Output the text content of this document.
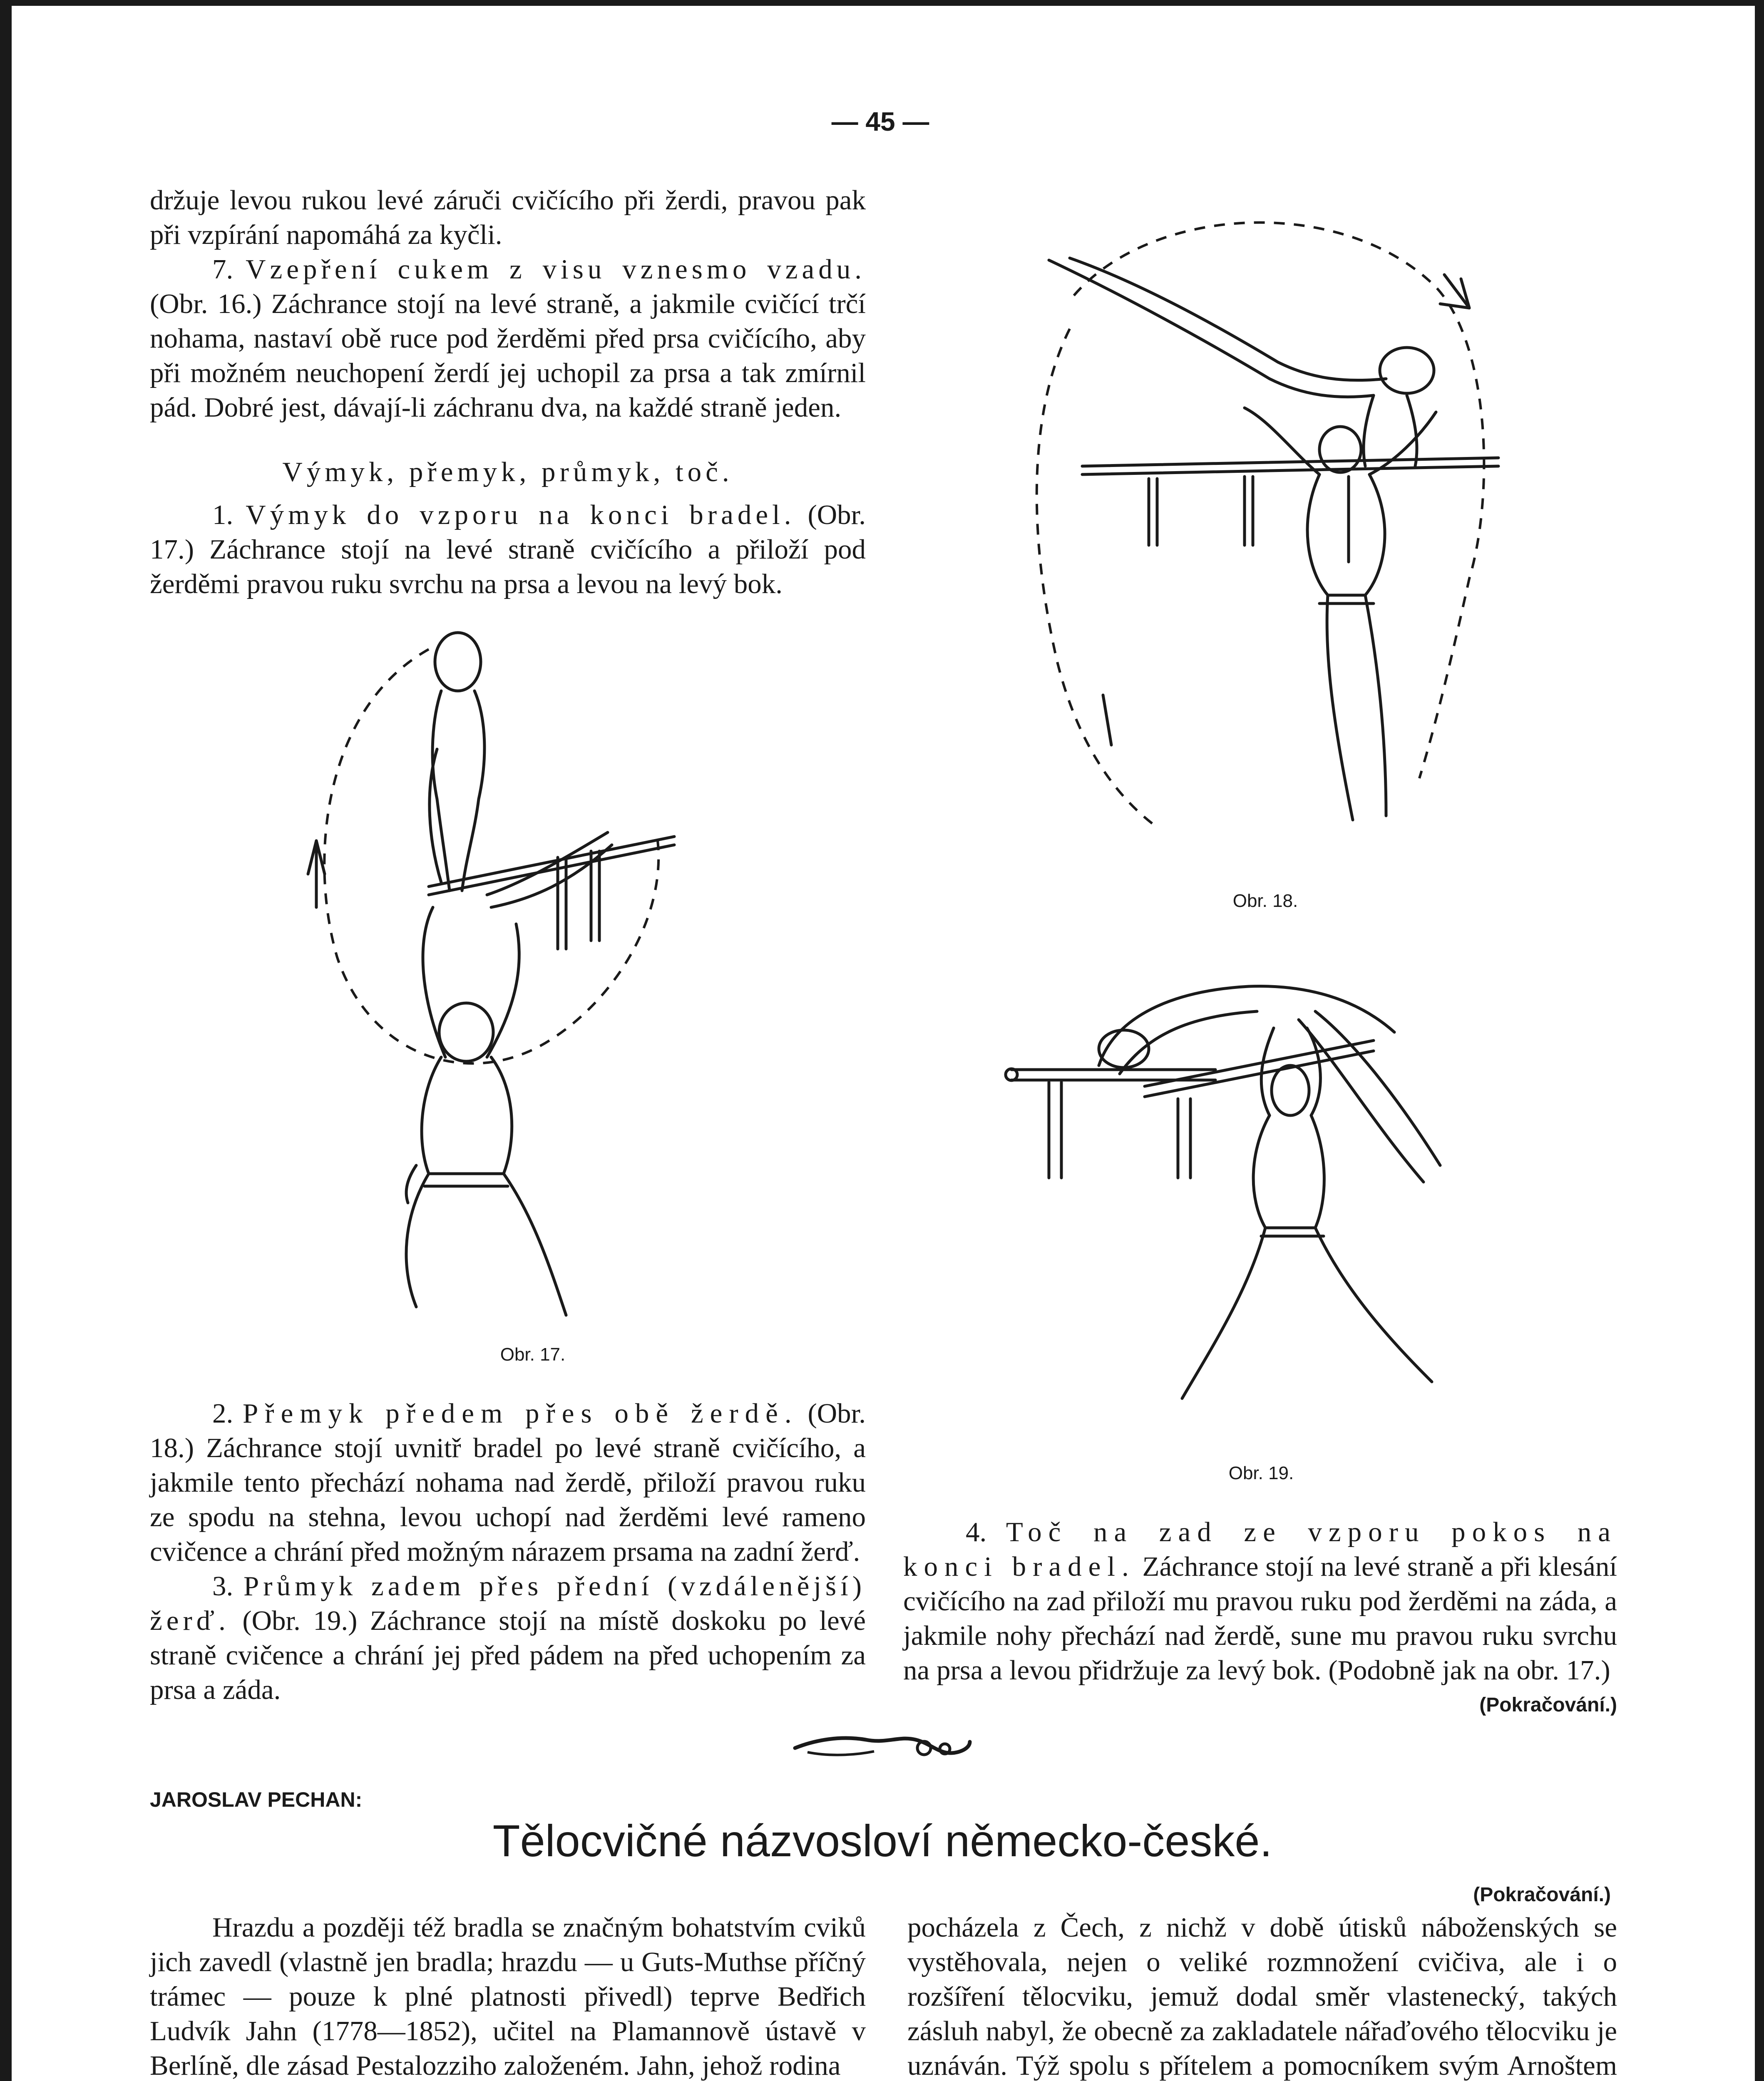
— 45 —

držuje levou rukou levé záruči cvičícího při žerdi, pravou pak při vzpírání napomáhá za kyčli.

7. Vzepření cukem z visu vznesmo vzadu. (Obr. 16.) Záchrance stojí na levé straně, a jakmile cvičící trčí nohama, nastaví obě ruce pod žerděmi před prsa cvičícího, aby při možném neuchopení žerdí jej uchopil za prsa a tak zmírnil pád. Dobré jest, dávají-li záchranu dva, na každé straně jeden.

Výmyk, přemyk, průmyk, toč.

1. Výmyk do vzporu na konci bradel. (Obr. 17.) Záchrance stojí na levé straně cvičícího a přiloží pod žerděmi pravou ruku svrchu na prsa a levou na levý bok.

Obr. 17.

2. Přemyk předem přes obě žerdě. (Obr. 18.) Záchrance stojí uvnitř bradel po levé straně cvičícího, a jakmile tento přechází nohama nad žerdě, přiloží pravou ruku ze spodu na stehna, levou uchopí nad žerděmi levé rameno cvičence a chrání před možným nárazem prsama na zadní žerď.

3. Průmyk zadem přes přední (vzdálenější) žerď. (Obr. 19.) Záchrance stojí na místě doskoku po levé straně cvičence a chrání jej před pádem na před uchopením za prsa a záda.

Obr. 18.
Obr. 19.

4. Toč na zad ze vzporu pokos na konci bradel. Záchrance stojí na levé straně a při klesání cvičícího na zad přiloží mu pravou ruku pod žerděmi na záda, a jakmile nohy přechází nad žerdě, sune mu pravou ruku svrchu na prsa a levou přidržuje za levý bok. (Podobně jak na obr. 17.)

(Pokračování.)

JAROSLAV PECHAN:
Tělocvičné názvosloví německo-české.
(Pokračování.)

Hrazdu a později též bradla se značným bohatstvím cviků jich zavedl (vlastně jen bradla; hrazdu — u Guts-Muthse příčný trámec — pouze k plné platnosti přivedl) teprve Bedřich Ludvík Jahn (1778—1852), učitel na Plamannově ústavě v Berlíně, dle zásad Pestalozziho založeném. Jahn, jehož rodina

pocházela z Čech, z nichž v době útisků náboženských se vystěhovala, nejen o veliké rozmnožení cvičiva, ale i o rozšíření tělocviku, jemuž dodal směr vlastenecký, takých zásluh nabyl, že obecně za zakladatele nářaďového tělocviku je uznáván. Týž spolu s přítelem a pomocníkem svým Arnoštem
